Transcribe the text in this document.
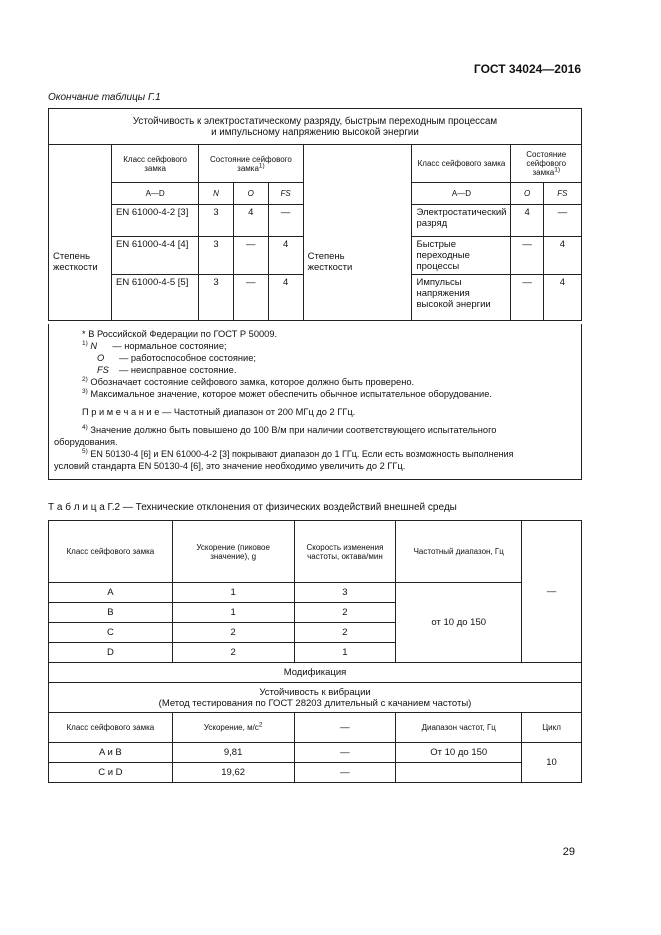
ГОСТ 34024—2016
Окончание таблицы Г.1
Устойчивость к электростатическому разряду, быстрым переходным процессам
и импульсному напряжению высокой энергии								
	Класс сейфового замка	Состояние сейфового замка$^{1)}$				Класс сейфового замка	Состояние сейфового замка$^{1)}$
	A—D	N	O	FS		A—D	O	FS

Степень жесткости	EN 61000-4-2 [3]	3	4	—	Степень жесткости	Электростатический разряд	4	—
	EN 61000-4-4 [4]	3	—	4		Быстрые переходные процессы	—	4
	EN 61000-4-5 [5]	3	—	4		Импульсы напряжения высокой энергии	—	4
* В Российской Федерации по ГОСТ Р 50009.
$^{1)}$ N — нормальное состояние;
O — работоспособное состояние;
FS — неисправное состояние.
$^{2)}$ Обозначает состояние сейфового замка, которое должно быть проверено.
$^{3)}$ Максимальное значение, которое может обеспечить обычное испытательное оборудование.
П р и м е ч а н и е — Частотный диапазон от 200 МГц до 2 ГГц.
$^{4)}$ Значение должно быть повышено до 100 В/м при наличии соответствующего испытательного
оборудования.
$^{5)}$ EN 50130-4 [6] и EN 61000-4-2 [3] покрывают диапазон до 1 ГГц. Если есть возможность выполнения
условий стандарта EN 50130-4 [6], это значение необходимо увеличить до 2 ГГц.
Т а б л и ц а Г.2 — Технические отклонения от физических воздействий внешней среды
Класс сейфового замка	Ускорение (пиковое значение), g	Скорость изменения частоты, октава/мин	Частотный диапазон, Гц	—
A	1	3	от 10 до 150	
B	1	2		
C	2	2		
D	2	1		
Модификация				
Устойчивость к вибрации
(Метод тестирования по ГОСТ 28203 длительный с качанием частоты)				
Класс сейфового замка	Ускорение, $м/с^2$	—	Диапазон частот, Гц	Цикл
A и B	9,81	—	От 10 до 150	10
C и D	19,62	—		
29
